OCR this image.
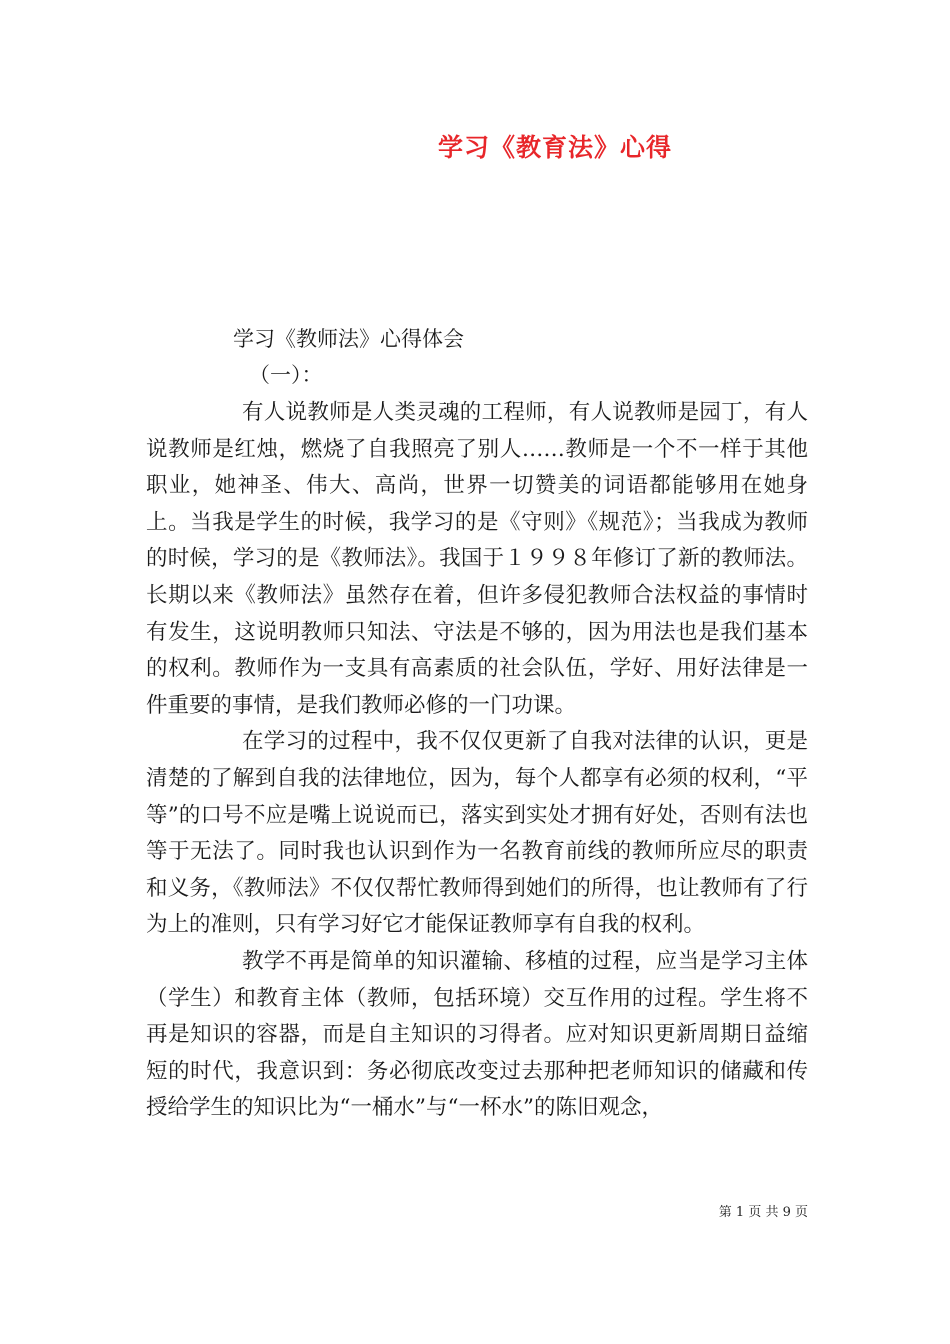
学习《教育法》心得
学习《教师法》心得体会
（一）：

有人说教师是人类灵魂的工程师，有人说教师是园丁，有人说教师是红烛，燃烧了自我照亮了别人……教师是一个不一样于其他职业，她神圣、伟大、高尚，世界一切赞美的词语都能够用在她身上。当我是学生的时候，我学习的是《守则》《规范》；当我成为教师的时候，学习的是《教师法》。我国于１９９８年修订了新的教师法。长期以来《教师法》虽然存在着，但许多侵犯教师合法权益的事情时有发生，这说明教师只知法、守法是不够的，因为用法也是我们基本的权利。教师作为一支具有高素质的社会队伍，学好、用好法律是一件重要的事情，是我们教师必修的一门功课。

在学习的过程中，我不仅仅更新了自我对法律的认识，更是清楚的了解到自我的法律地位，因为，每个人都享有必须的权利，“平等”的口号不应是嘴上说说而已，落实到实处才拥有好处，否则有法也等于无法了。同时我也认识到作为一名教育前线的教师所应尽的职责和义务，《教师法》不仅仅帮忙教师得到她们的所得，也让教师有了行为上的准则，只有学习好它才能保证教师享有自我的权利。

教学不再是简单的知识灌输、移植的过程，应当是学习主体（学生）和教育主体（教师，包括环境）交互作用的过程。学生将不再是知识的容器，而是自主知识的习得者。应对知识更新周期日益缩短的时代，我意识到：务必彻底改变过去那种把老师知识的储藏和传授给学生的知识比为“一桶水”与“一杯水”的陈旧观念，

第 1 页 共 9 页
